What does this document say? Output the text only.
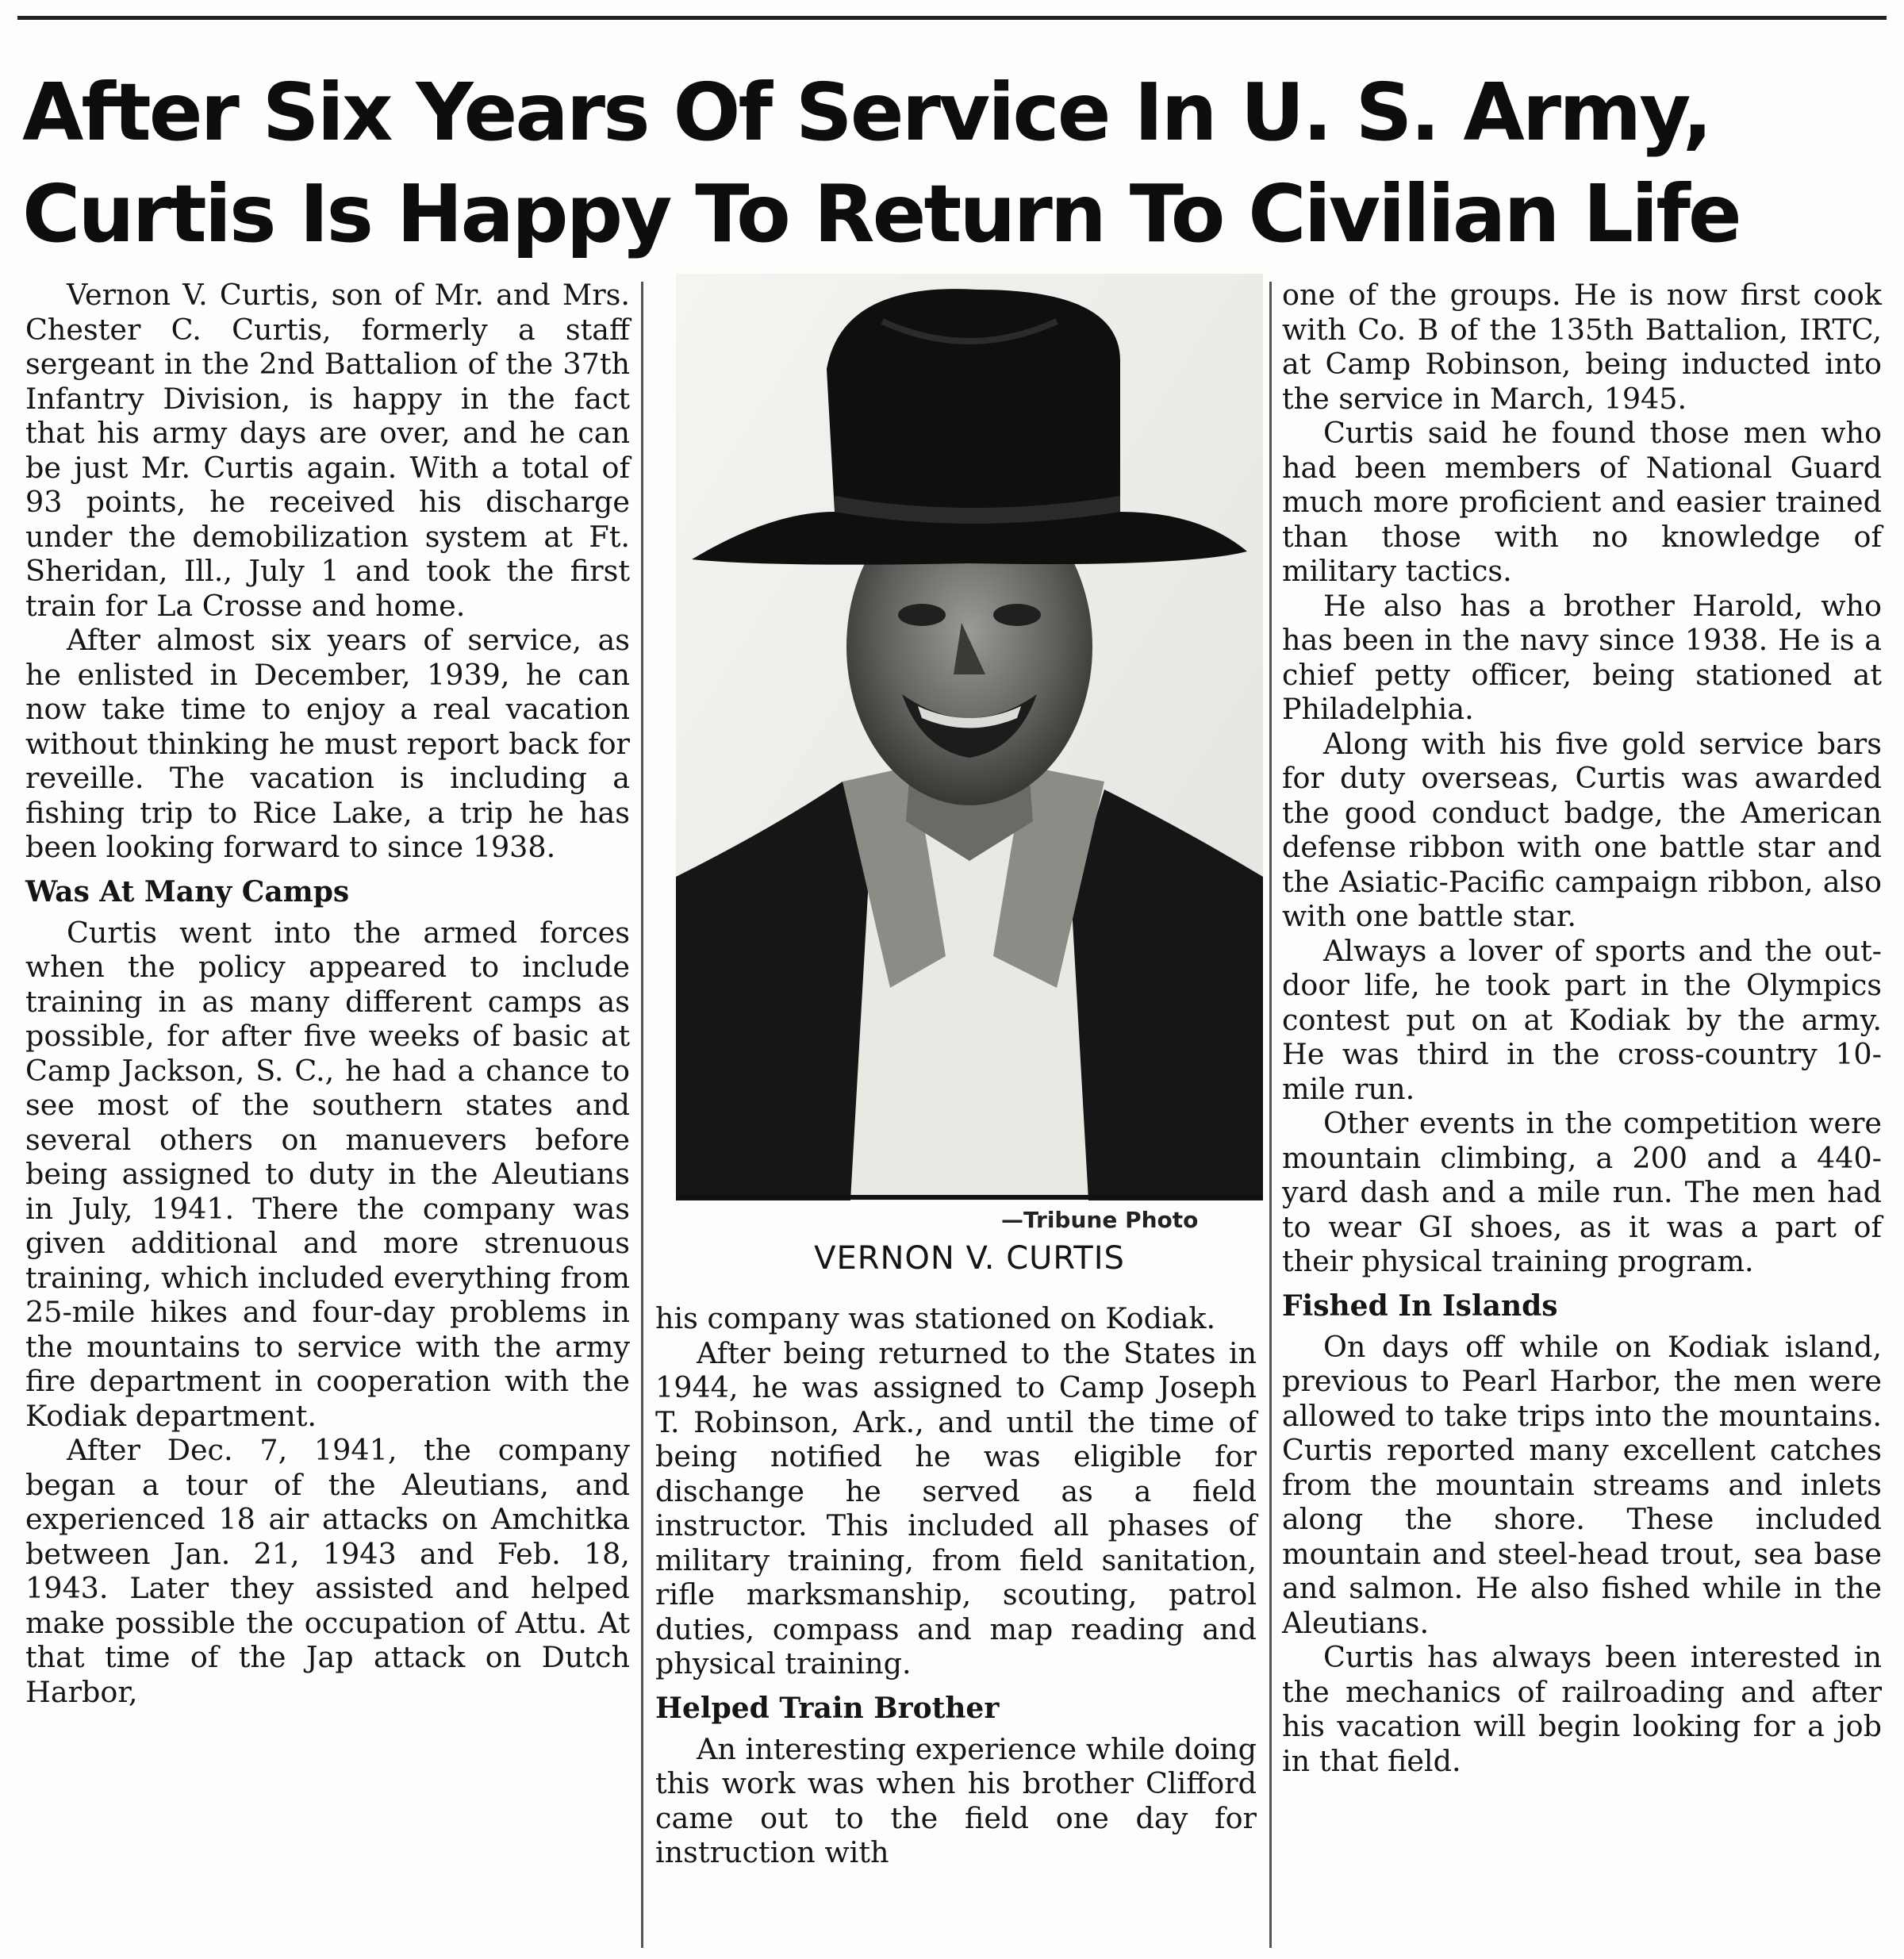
After Six Years Of Service In U. S. Army,
Curtis Is Happy To Return To Civilian Life

Vernon V. Curtis, son of Mr. and Mrs. Chester C. Curtis, formerly a staff sergeant in the 2nd Battalion of the 37th Infantry Division, is happy in the fact that his army days are over, and he can be just Mr. Curtis again. With a total of 93 points, he received his discharge under the demobilization system at Ft. Sheridan, Ill., July 1 and took the first train for La Crosse and home.

After almost six years of service, as he enlisted in December, 1939, he can now take time to enjoy a real vacation without thinking he must report back for reveille. The vacation is including a fishing trip to Rice Lake, a trip he has been looking forward to since 1938.

Was At Many Camps

Curtis went into the armed forces when the policy appeared to include training in as many different camps as possible, for after five weeks of basic at Camp Jackson, S. C., he had a chance to see most of the southern states and several others on manuevers before being assigned to duty in the Aleutians in July, 1941. There the company was given additional and more strenuous training, which included everything from 25-mile hikes and four-day problems in the mountains to service with the army fire department in cooperation with the Kodiak department.

After Dec. 7, 1941, the company began a tour of the Aleutians, and experienced 18 air attacks on Amchitka between Jan. 21, 1943 and Feb. 18, 1943. Later they assisted and helped make possible the occupation of Attu. At that time of the Jap attack on Dutch Harbor,

—Tribune Photo
VERNON V. CURTIS

his company was stationed on Kodiak.

After being returned to the States in 1944, he was assigned to Camp Joseph T. Robinson, Ark., and until the time of being notified he was eligible for dischange he served as a field instructor. This included all phases of military training, from field sanitation, rifle marksmanship, scouting, patrol duties, compass and map reading and physical training.

Helped Train Brother

An interesting experience while doing this work was when his brother Clifford came out to the field one day for instruction with

one of the groups. He is now first cook with Co. B of the 135th Battalion, IRTC, at Camp Robinson, being inducted into the service in March, 1945.

Curtis said he found those men who had been members of National Guard much more proficient and easier trained than those with no knowledge of military tactics.

He also has a brother Harold, who has been in the navy since 1938. He is a chief petty officer, being stationed at Philadelphia.

Along with his five gold service bars for duty overseas, Curtis was awarded the good conduct badge, the American defense ribbon with one battle star and the Asiatic-Pacific campaign ribbon, also with one battle star.

Always a lover of sports and the out-door life, he took part in the Olympics contest put on at Kodiak by the army. He was third in the cross-country 10-mile run.

Other events in the competition were mountain climbing, a 200 and a 440-yard dash and a mile run. The men had to wear GI shoes, as it was a part of their physical training program.

Fished In Islands

On days off while on Kodiak island, previous to Pearl Harbor, the men were allowed to take trips into the mountains. Curtis reported many excellent catches from the mountain streams and inlets along the shore. These included mountain and steel-head trout, sea base and salmon. He also fished while in the Aleutians.

Curtis has always been interested in the mechanics of railroading and after his vacation will begin looking for a job in that field.
